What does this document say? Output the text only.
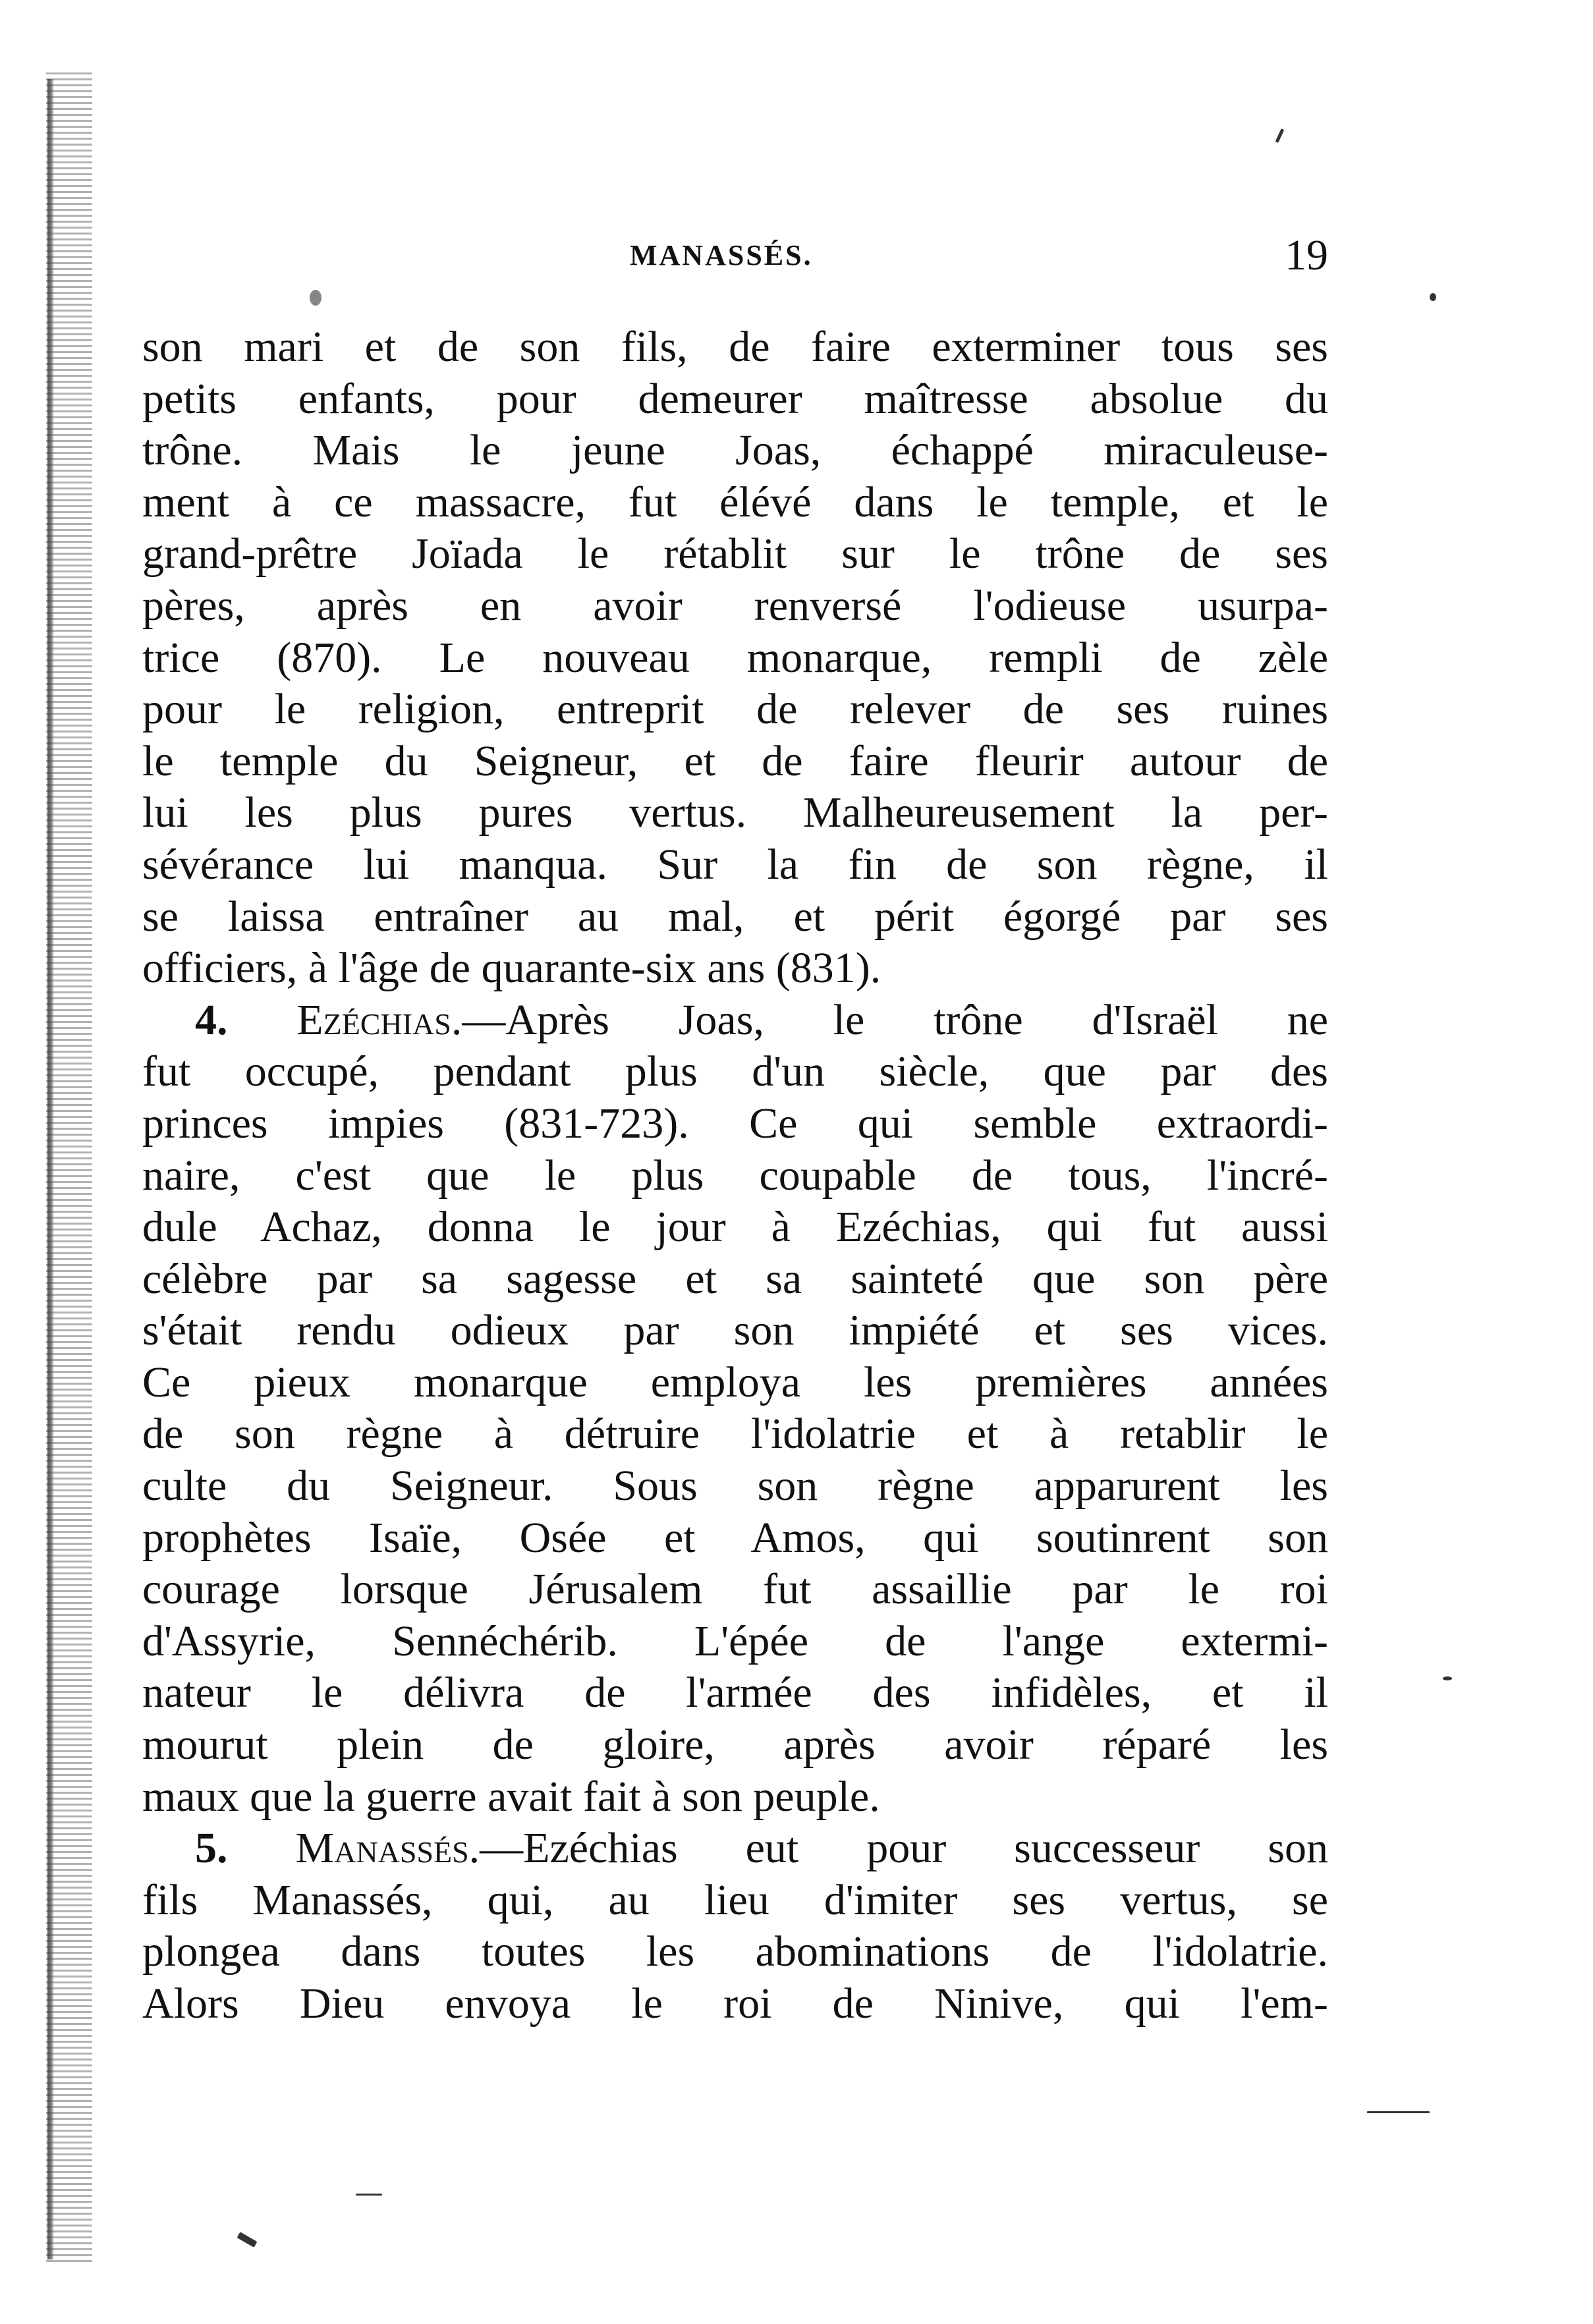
MANASSÉS.	19
son mari et de son fils, de faire exterminer tous ses
petits enfants, pour demeurer maîtresse absolue du
trône. Mais le jeune Joas, échappé miraculeuse-
ment à ce massacre, fut élévé dans le temple, et le
grand-prêtre Joïada le rétablit sur le trône de ses
pères, après en avoir renversé l'odieuse usurpa-
trice (870). Le nouveau monarque, rempli de zèle
pour le religion, entreprit de relever de ses ruines
le temple du Seigneur, et de faire fleurir autour de
lui les plus pures vertus. Malheureusement la per-
sévérance lui manqua. Sur la fin de son règne, il
se laissa entraîner au mal, et périt égorgé par ses
officiers, à l'âge de quarante-six ans (831).
4. Ezéchias.—Après Joas, le trône d'Israël ne
fut occupé, pendant plus d'un siècle, que par des
princes impies (831-723). Ce qui semble extraordi-
naire, c'est que le plus coupable de tous, l'incré-
dule Achaz, donna le jour à Ezéchias, qui fut aussi
célèbre par sa sagesse et sa sainteté que son père
s'était rendu odieux par son impiété et ses vices.
Ce pieux monarque employa les premières années
de son règne à détruire l'idolatrie et à retablir le
culte du Seigneur. Sous son règne apparurent les
prophètes Isaïe, Osée et Amos, qui soutinrent son
courage lorsque Jérusalem fut assaillie par le roi
d'Assyrie, Sennéchérib. L'épée de l'ange extermi-
nateur le délivra de l'armée des infidèles, et il
mourut plein de gloire, après avoir réparé les
maux que la guerre avait fait à son peuple.
5. Manassés.—Ezéchias eut pour successeur son
fils Manassés, qui, au lieu d'imiter ses vertus, se
plongea dans toutes les abominations de l'idolatrie.
Alors Dieu envoya le roi de Ninive, qui l'em-
